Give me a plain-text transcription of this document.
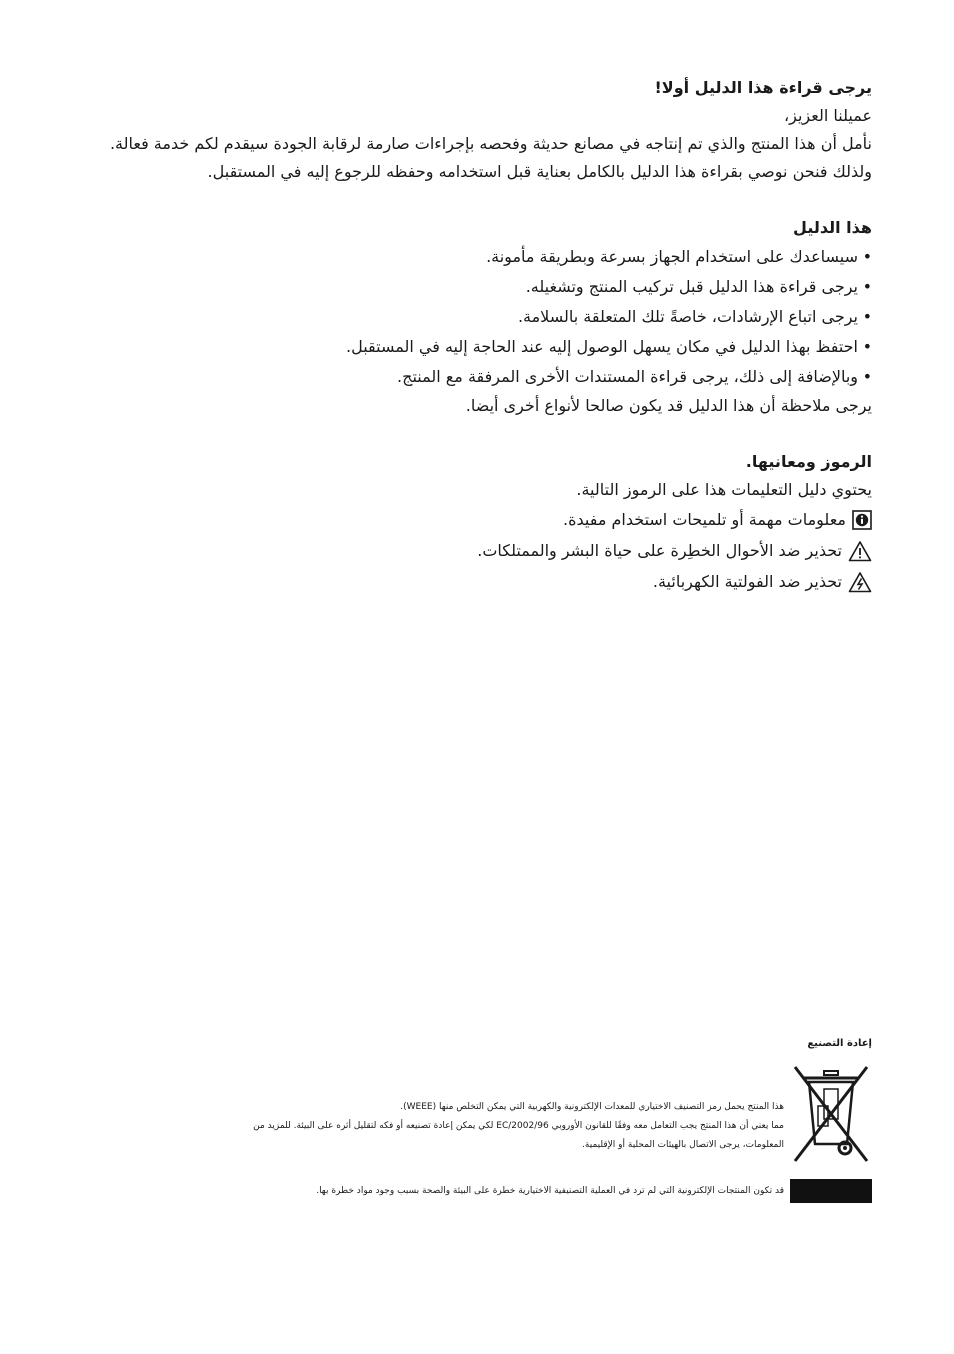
يرجى قراءة هذا الدليل أولا!

عميلنا العزيز،

نأمل أن هذا المنتج والذي تم إنتاجه في مصانع حديثة وفحصه بإجراءات صارمة لرقابة الجودة سيقدم لكم خدمة فعالة.

ولذلك فنحن نوصي بقراءة هذا الدليل بالكامل بعناية قبل استخدامه وحفظه للرجوع إليه في المستقبل.

هذا الدليل

•سيساعدك على استخدام الجهاز بسرعة وبطريقة مأمونة.
•يرجى قراءة هذا الدليل قبل تركيب المنتج وتشغيله.
•يرجى اتباع الإرشادات، خاصةً تلك المتعلقة بالسلامة.
•احتفظ بهذا الدليل في مكان يسهل الوصول إليه عند الحاجة إليه في المستقبل.
•وبالإضافة إلى ذلك، يرجى قراءة المستندات الأخرى المرفقة مع المنتج.

يرجى ملاحظة أن هذا الدليل قد يكون صالحا لأنواع أخرى أيضا.

الرموز ومعانيها.

يحتوي دليل التعليمات هذا على الرموز التالية.

معلومات مهمة أو تلميحات استخدام مفيدة.
تحذير ضد الأحوال الخطِرة على حياة البشر والممتلكات.
تحذير ضد الفولتية الكهربائية.

إعادة التصنيع

هذا المنتج يحمل رمز التصنيف الاختياري للمعدات الإلكترونية والكهربية التي يمكن التخلص منها (WEEE).

مما يعني أن هذا المنتج يجب التعامل معه وفقًا للقانون الأوروبي EC/2002/96 لكي يمكن إعادة تصنيعه أو فكه لتقليل أثره على البيئة. للمزيد من

المعلومات، يرجى الاتصال بالهيئات المحلية أو الإقليمية.

قد تكون المنتجات الإلكترونية التي لم ترد في العملية التصنيفية الاختيارية خطرة على البيئة والصحة بسبب وجود مواد خطرة بها.
